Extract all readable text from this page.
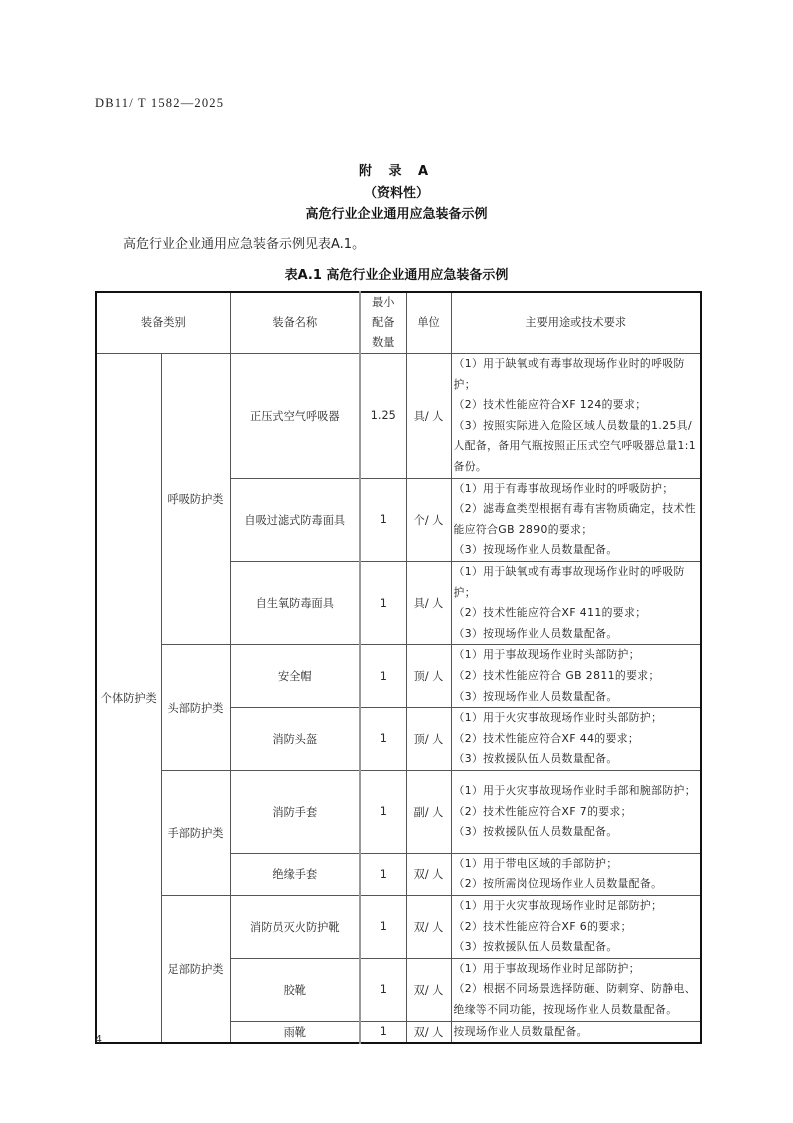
DB11/ T 1582—2025
附 录 A
（资料性）
高危行业企业通用应急装备示例
高危行业企业通用应急装备示例见表A.1。
表A.1 高危行业企业通用应急装备示例
装备类别		装备名称	最小配备数量	单位	主要用途或技术要求
个体防护类	呼吸防护类	正压式空气呼吸器	1.25	具/ 人	（1）用于缺氧或有毒事故现场作业时的呼吸防护；
（2）技术性能应符合XF 124的要求；
（3）按照实际进入危险区域人员数量的1.25具/ 人配备，备用气瓶按照正压式空气呼吸器总量1:1备份。

		自吸过滤式防毒面具	1	个/ 人	（1）用于有毒事故现场作业时的呼吸防护；
（2）滤毒盒类型根据有毒有害物质确定，技术性能应符合GB 2890的要求；
（3）按现场作业人员数量配备。

		自生氧防毒面具	1	具/ 人	（1）用于缺氧或有毒事故现场作业时的呼吸防护；
（2）技术性能应符合XF 411的要求；
（3）按现场作业人员数量配备。

	头部防护类	安全帽	1	顶/ 人	（1）用于事故现场作业时头部防护；
（2）技术性能应符合 GB 2811的要求；
（3）按现场作业人员数量配备。

		消防头盔	1	顶/ 人	（1）用于火灾事故现场作业时头部防护；
（2）技术性能应符合XF 44的要求；
（3）按救援队伍人员数量配备。

	手部防护类	消防手套	1	副/ 人	（1）用于火灾事故现场作业时手部和腕部防护；
（2）技术性能应符合XF 7的要求；
（3）按救援队伍人员数量配备。

		绝缘手套	1	双/ 人	（1）用于带电区域的手部防护；
（2）按所需岗位现场作业人员数量配备。

	足部防护类	消防员灭火防护靴	1	双/ 人	（1）用于火灾事故现场作业时足部防护；
（2）技术性能应符合XF 6的要求；
（3）按救援队伍人员数量配备。

		胶靴	1	双/ 人	（1）用于事故现场作业时足部防护；
（2）根据不同场景选择防砸、防刺穿、防静电、绝缘等不同功能，按现场作业人员数量配备。

		雨靴	1	双/ 人	按现场作业人员数量配备。
4
